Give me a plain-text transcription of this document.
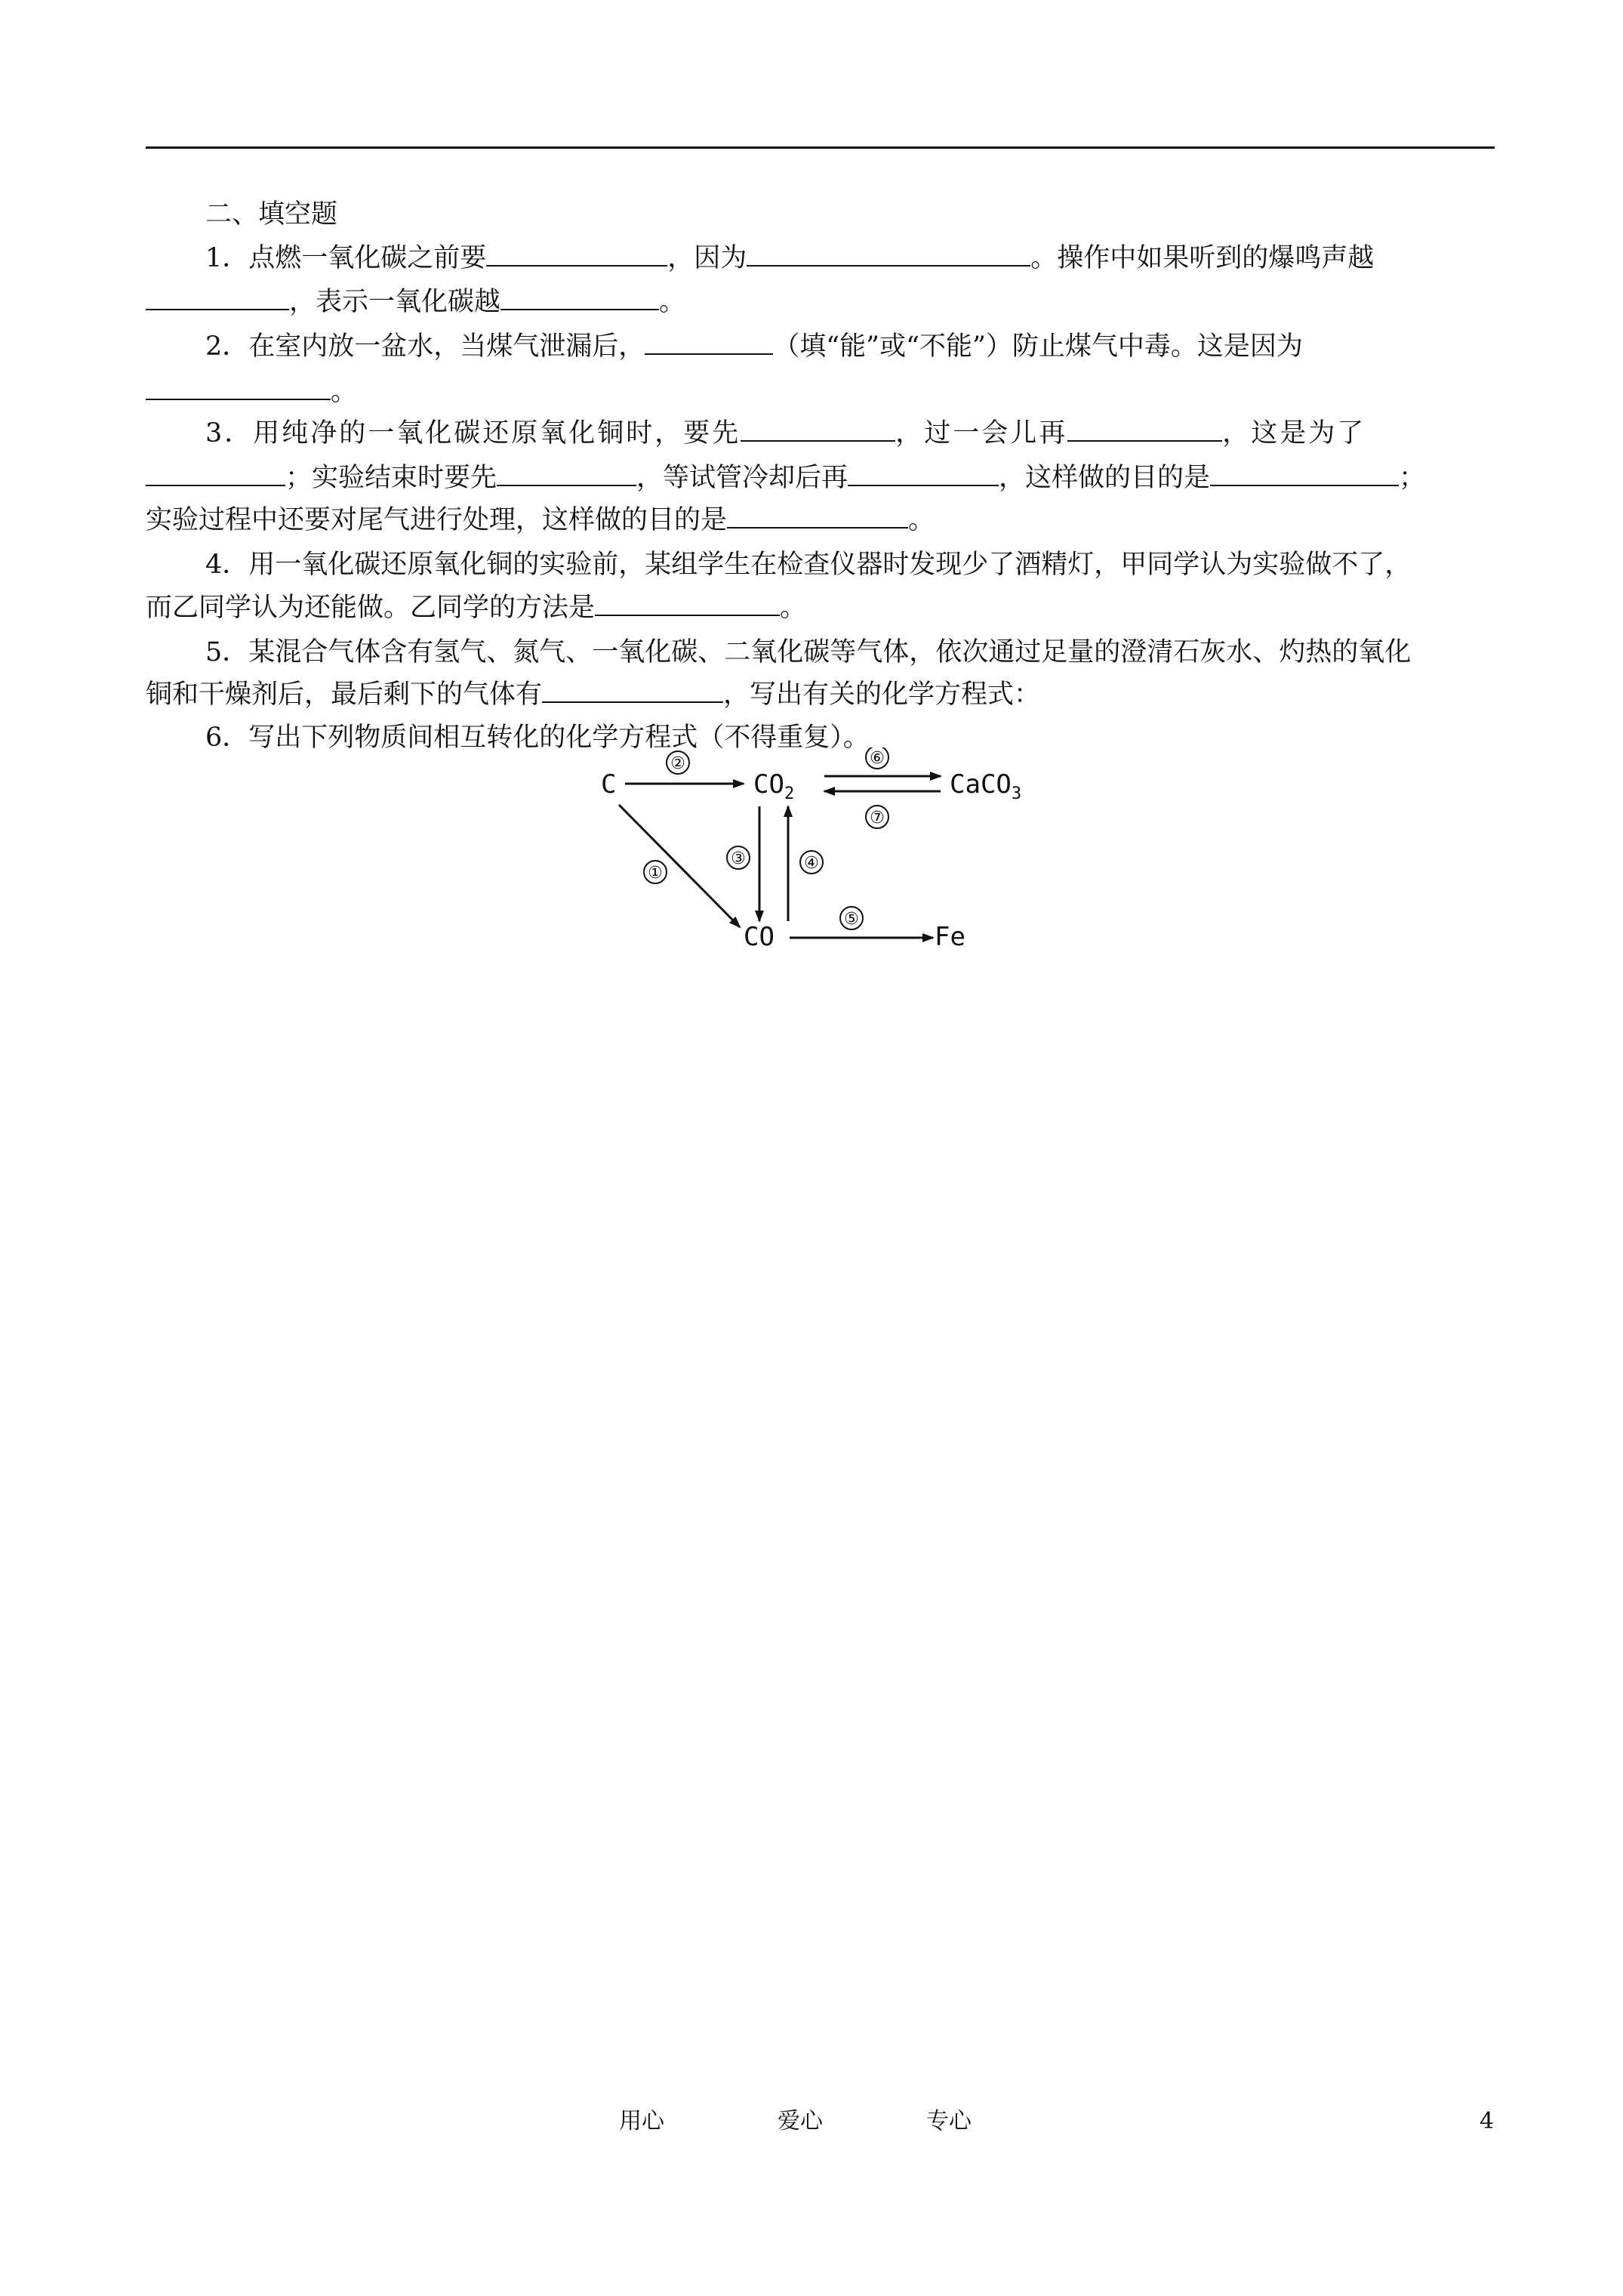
二、填空题
1．点燃一氧化碳之前要	，因为	。操作中如果听到的爆鸣声越
，表示一氧化碳越	。
2．在室内放一盆水，当煤气泄漏后，	（填“能”或“不能”）防止煤气中毒。这是因为
。
3．用纯净的一氧化碳还原氧化铜时，要先	，过一会儿再	，这是为了
；实验结束时要先	，等试管冷却后再	，这样做的目的是	；
实验过程中还要对尾气进行处理，这样做的目的是	。
4．用一氧化碳还原氧化铜的实验前，某组学生在检查仪器时发现少了酒精灯，甲同学认为实验做不了，
而乙同学认为还能做。乙同学的方法是	。
5．某混合气体含有氢气、氮气、一氧化碳、二氧化碳等气体，依次通过足量的澄清石灰水、灼热的氧化
铜和干燥剂后，最后剩下的气体有	，写出有关的化学方程式：
6．写出下列物质间相互转化的化学方程式（不得重复）。
C	$CO_2$	CaCO$_3$
CO	Fe
②	⑥
⑦
③	④
①
⑤
用心	爱心	专心	4
